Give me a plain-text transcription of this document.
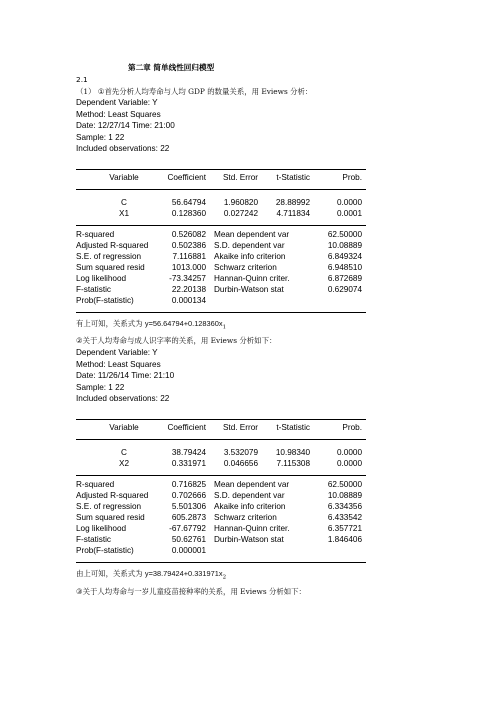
第二章 简单线性回归模型
2.1
（1） ①首先分析人均寿命与人均 GDP 的数量关系，用 Eviews 分析：
Dependent Variable: Y
Method: Least Squares
Date: 12/27/14 Time: 21:00
Sample: 1 22
Included observations: 22
Variable	Coefficient	Std. Error	t-Statistic	Prob.
C	56.64794	1.960820	28.88992	0.0000
X1	0.128360	0.027242	4.711834	0.0001
R-squared	0.526082 Mean dependent var	62.50000
Adjusted R-squared	0.502386 S.D. dependent var	10.08889
S.E. of regression	7.116881 Akaike info criterion	6.849324
Sum squared resid	1013.000 Schwarz criterion	6.948510
Log likelihood	-73.34257 Hannan-Quinn criter.	6.872689
F-statistic	22.20138 Durbin-Watson stat	0.629074
Prob(F-statistic)	0.000134
有上可知，关系式为 $y=56.64794+0.128360x_1$
②关于人均寿命与成人识字率的关系，用 Eviews 分析如下：
Dependent Variable: Y
Method: Least Squares
Date: 11/26/14 Time: 21:10
Sample: 1 22
Included observations: 22
Variable	Coefficient	Std. Error	t-Statistic	Prob.
C	38.79424	3.532079	10.98340	0.0000
X2	0.331971	0.046656	7.115308	0.0000
R-squared	0.716825 Mean dependent var	62.50000
Adjusted R-squared	0.702666 S.D. dependent var	10.08889
S.E. of regression	5.501306 Akaike info criterion	6.334356
Sum squared resid	605.2873 Schwarz criterion	6.433542
Log likelihood	-67.67792 Hannan-Quinn criter.	6.357721
F-statistic	50.62761 Durbin-Watson stat	1.846406
Prob(F-statistic)	0.000001
由上可知，关系式为 $y=38.79424+0.331971x_2$
③关于人均寿命与一岁儿童疫苗接种率的关系，用 Eviews 分析如下：
